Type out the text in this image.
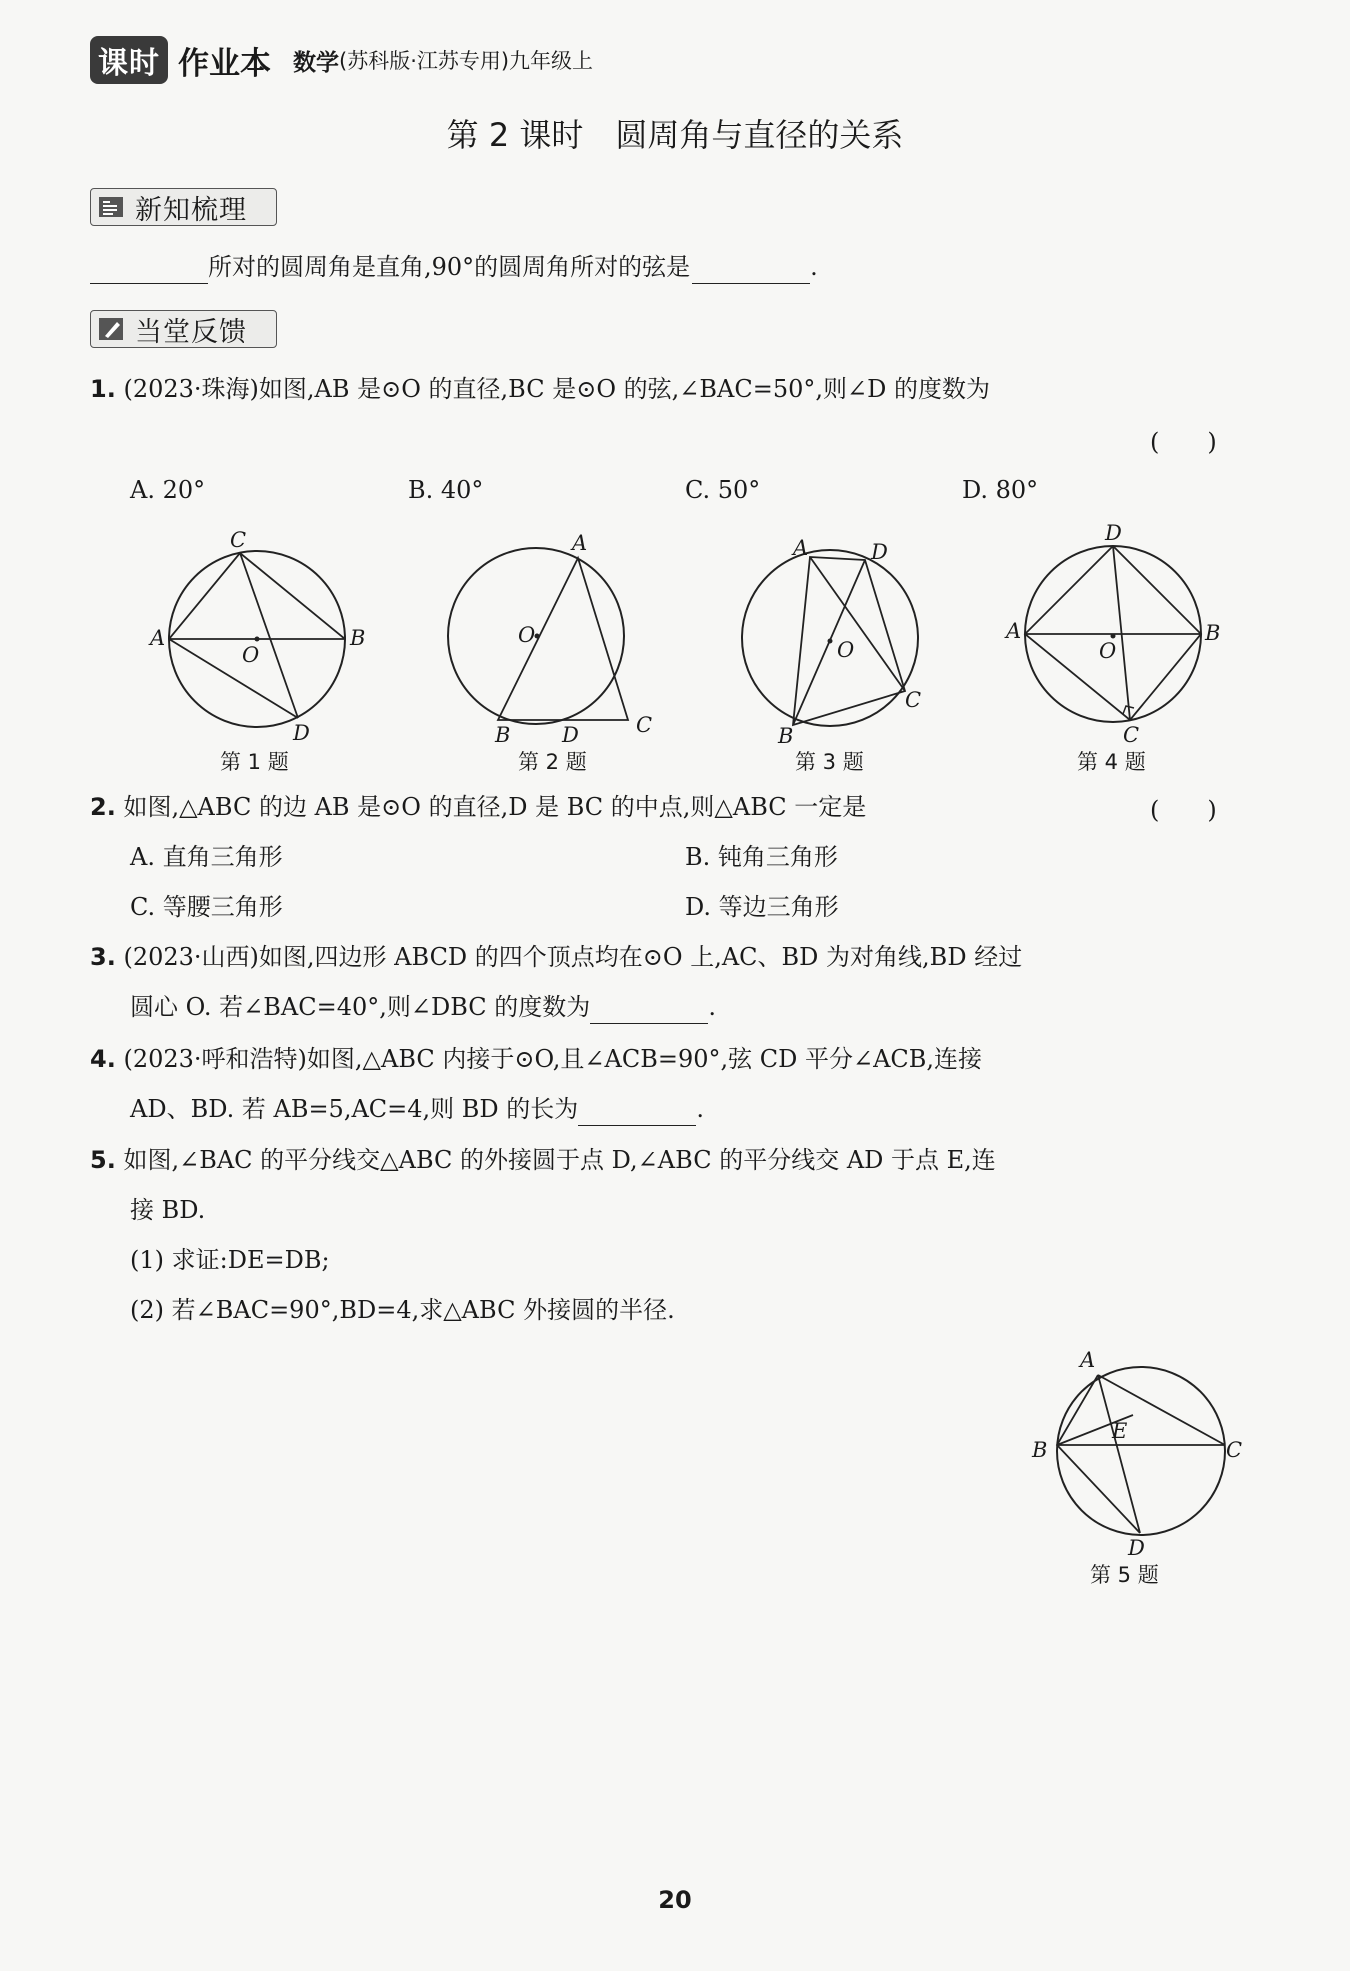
课时 作业本 数学 (苏科版·江苏专用)九年级上
第 2 课时　圆周角与直径的关系
新知梳理
所对的圆周角是直角,90°的圆周角所对的弦是	.
当堂反馈
1. (2023·珠海)如图,AB 是⊙O 的直径,BC 是⊙O 的弦,∠BAC=50°,则∠D 的度数为
(　　)
A. 20°	B. 40°	C. 50°	D. 80°
C
A	B
O
D
第 1 题
A
O
B D	C
第 2 题
A	D
O
C
B
第 3 题
D
A	B
O
C
第 4 题
2. 如图,△ABC 的边 AB 是⊙O 的直径,D 是 BC 的中点,则△ABC 一定是	(　　)
A. 直角三角形	B. 钝角三角形
C. 等腰三角形	D. 等边三角形
3. (2023·山西)如图,四边形 ABCD 的四个顶点均在⊙O 上,AC、BD 为对角线,BD 经过
圆心 O. 若∠BAC=40°,则∠DBC 的度数为	.
4. (2023·呼和浩特)如图,△ABC 内接于⊙O,且∠ACB=90°,弦 CD 平分∠ACB,连接
AD、BD. 若 AB=5,AC=4,则 BD 的长为	.
5. 如图,∠BAC 的平分线交△ABC 的外接圆于点 D,∠ABC 的平分线交 AD 于点 E,连
接 BD.
(1) 求证:DE=DB;
(2) 若∠BAC=90°,BD=4,求△ABC 外接圆的半径.
A
E
B	C
D
第 5 题
20
